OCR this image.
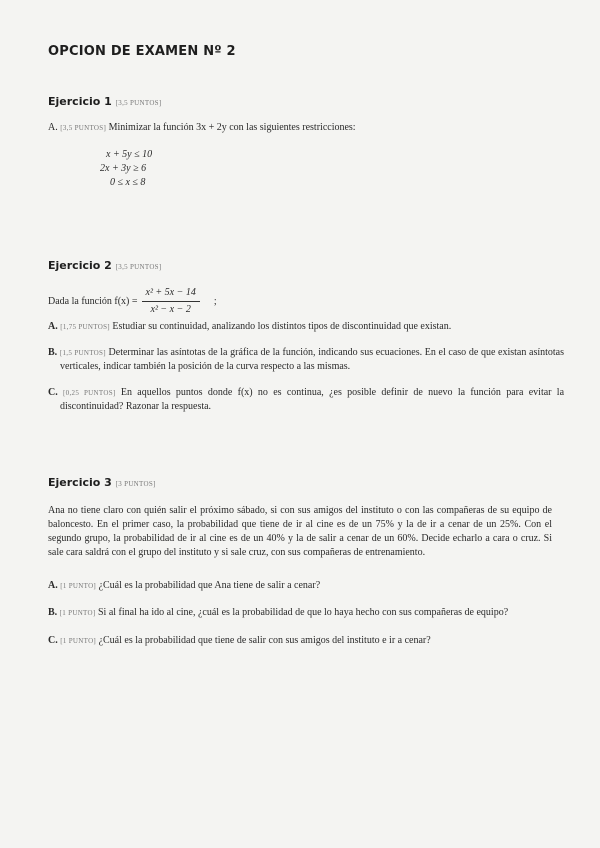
OPCION DE EXAMEN Nº 2
Ejercicio 1 [3,5 PUNTOS]
A. [3,5 PUNTOS] Minimizar la función 3x + 2y con las siguientes restricciones:
x + 5y ≤ 10
2x + 3y ≥ 6
0 ≤ x ≤ 8
Ejercicio 2 [3,5 PUNTOS]
Dada la función $f(x) = \frac{\text{x² + 5x − 14}}{\text{x² − x − 2}}$ ;
A. [1,75 PUNTOS] Estudiar su continuidad, analizando los distintos tipos de discontinuidad que existan.
B. [1,5 PUNTOS] Determinar las asíntotas de la gráfica de la función, indicando sus ecuaciones. En el caso de que existan asíntotas verticales, indicar también la posición de la curva respecto a las mismas.
C. [0,25 PUNTOS] En aquellos puntos donde f(x) no es continua, ¿es posible definir de nuevo la función para evitar la discontinuidad? Razonar la respuesta.
Ejercicio 3 [3 PUNTOS]
Ana no tiene claro con quién salir el próximo sábado, si con sus amigos del instituto o con las compañeras de su equipo de baloncesto. En el primer caso, la probabilidad que tiene de ir al cine es de un 75% y la de ir a cenar de un 25%. Con el segundo grupo, la probabilidad de ir al cine es de un 40% y la de salir a cenar de un 60%. Decide echarlo a cara o cruz. Si sale cara saldrá con el grupo del instituto y si sale cruz, con sus compañeras de entrenamiento.
A. [1 PUNTO] ¿Cuál es la probabilidad que Ana tiene de salir a cenar?
B. [1 PUNTO] Si al final ha ido al cine, ¿cuál es la probabilidad de que lo haya hecho con sus compañeras de equipo?
C. [1 PUNTO] ¿Cuál es la probabilidad que tiene de salir con sus amigos del instituto e ir a cenar?
